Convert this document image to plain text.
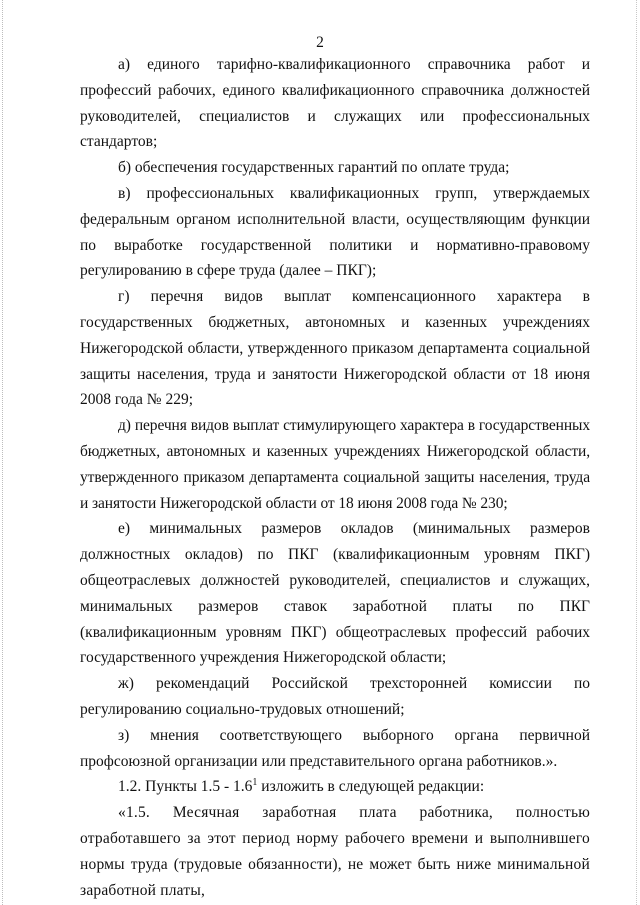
2

а) единого тарифно-квалификационного справочника работ и профессий рабочих, единого квалификационного справочника должностей руководителей, специалистов и служащих или профессиональных стандартов;

б) обеспечения государственных гарантий по оплате труда;

в) профессиональных квалификационных групп, утверждаемых федеральным органом исполнительной власти, осуществляющим функции по выработке государственной политики и нормативно-правовому регулированию в сфере труда (далее – ПКГ);

г) перечня видов выплат компенсационного характера в государственных бюджетных, автономных и казенных учреждениях Нижегородской области, утвержденного приказом департамента социальной защиты населения, труда и занятости Нижегородской области от 18 июня 2008 года № 229;

д) перечня видов выплат стимулирующего характера в государственных бюджетных, автономных и казенных учреждениях Нижегородской области, утвержденного приказом департамента социальной защиты населения, труда и занятости Нижегородской области от 18 июня 2008 года № 230;

е) минимальных размеров окладов (минимальных размеров должностных окладов) по ПКГ (квалификационным уровням ПКГ) общеотраслевых должностей руководителей, специалистов и служащих, минимальных размеров ставок заработной платы по ПКГ (квалификационным уровням ПКГ) общеотраслевых профессий рабочих государственного учреждения Нижегородской области;

ж) рекомендаций Российской трехсторонней комиссии по регулированию социально-трудовых отношений;

з) мнения соответствующего выборного органа первичной профсоюзной организации или представительного органа работников.».

1.2. Пункты $1.5 - 1.6^1$ изложить в следующей редакции:

«1.5. Месячная заработная плата работника, полностью отработавшего за этот период норму рабочего времени и выполнившего нормы труда (трудовые обязанности), не может быть ниже минимальной заработной платы,
